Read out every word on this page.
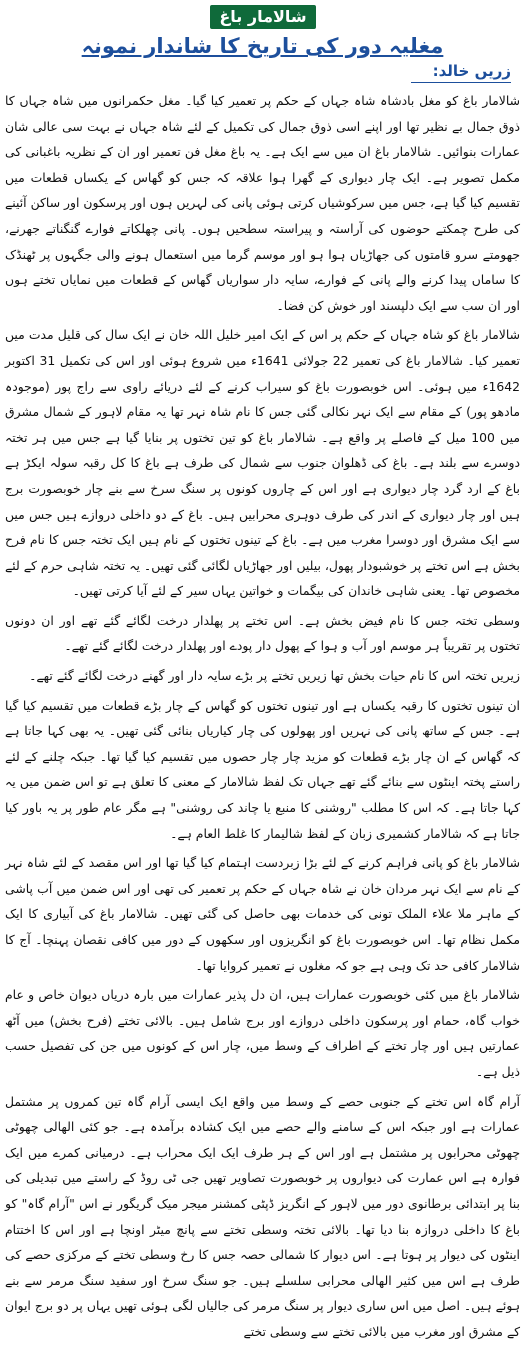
شالامار باغ
مغلیہ دور کی تاریخ کا شاندار نمونہ
زریں خالد:

شالامار باغ کو مغل بادشاہ شاہ جہاں کے حکم پر تعمیر کیا گیا۔ مغل حکمرانوں میں شاہ جہاں کا ذوق جمال بے نظیر تھا اور اپنے اسی ذوق جمال کی تکمیل کے لئے شاہ جہاں نے بہت سی عالی شان عمارات بنوائیں۔ شالامار باغ ان میں سے ایک ہے۔ یہ باغ مغل فن تعمیر اور ان کے نظریہ باغبانی کی مکمل تصویر ہے۔ ایک چار دیواری کے گھرا ہوا علاقہ کہ جس کو گھاس کے یکساں قطعات میں تقسیم کیا گیا ہے، جس میں سرکوشیاں کرتی ہوئی پانی کی لہریں ہوں اور پرسکون اور ساکن آئینے کی طرح چمکتے حوضوں کی آراستہ و پیراستہ سطحیں ہوں۔ پانی چھلکاتے فوارے گنگناتے جھرنے، جھومتے سرو قامتوں کی جھاڑیاں ہوا ہو اور موسم گرما میں استعمال ہونے والی جگہوں پر ٹھنڈک کا ساماں پیدا کرنے والے پانی کے فوارے، سایہ دار سواریاں گھاس کے قطعات میں نمایاں تختے ہوں اور ان سب سے ایک دلپسند اور خوش کن فضا۔

شالامار باغ کو شاہ جہاں کے حکم پر اس کے ایک امیر خلیل اللہ خان نے ایک سال کی قلیل مدت میں تعمیر کیا۔ شالامار باغ کی تعمیر 22 جولائی 1641ء میں شروع ہوئی اور اس کی تکمیل 31 اکتوبر 1642ء میں ہوئی۔ اس خوبصورت باغ کو سیراب کرنے کے لئے دریائے راوی سے راج پور (موجودہ مادھو پور) کے مقام سے ایک نہر نکالی گئی جس کا نام شاہ نہر تھا یہ مقام لاہور کے شمال مشرق میں 100 میل کے فاصلے پر واقع ہے۔ شالامار باغ کو تین تختوں پر بنایا گیا ہے جس میں ہر تختہ دوسرے سے بلند ہے۔ باغ کی ڈھلوان جنوب سے شمال کی طرف ہے باغ کا کل رقبہ سولہ ایکڑ ہے باغ کے ارد گرد چار دیواری ہے اور اس کے چاروں کونوں پر سنگ سرخ سے بنے چار خوبصورت برج ہیں اور چار دیواری کے اندر کی طرف دوہری محرابیں ہیں۔ باغ کے دو داخلی دروازے ہیں جس میں سے ایک مشرق اور دوسرا مغرب میں ہے۔ باغ کے تینوں تختوں کے نام ہیں ایک تختہ جس کا نام فرح بخش ہے اس تختے پر خوشبودار پھول، بیلیں اور جھاڑیاں لگائی گئی تھیں۔ یہ تختہ شاہی حرم کے لئے مخصوص تھا۔ یعنی شاہی خاندان کی بیگمات و خواتین یہاں سیر کے لئے آیا کرتی تھیں۔

وسطی تختہ جس کا نام فیض بخش ہے۔ اس تختے پر پھلدار درخت لگائے گئے تھے اور ان دونوں تختوں پر تقریباً ہر موسم اور آب و ہوا کے پھول دار پودے اور پھلدار درخت لگائے گئے تھے۔

زیریں تختہ اس کا نام حیات بخش تھا زیریں تختے پر بڑے سایہ دار اور گھنے درخت لگائے گئے تھے۔

ان تینوں تختوں کا رقبہ یکساں ہے اور تینوں تختوں کو گھاس کے چار بڑے قطعات میں تقسیم کیا گیا ہے۔ جس کے ساتھ پانی کی نہریں اور پھولوں کی چار کیاریاں بنائی گئی تھیں۔ یہ بھی کہا جاتا ہے کہ گھاس کے ان چار بڑے قطعات کو مزید چار چار حصوں میں تقسیم کیا گیا تھا۔ جبکہ چلنے کے لئے راستے پختہ اینٹوں سے بنائے گئے تھے جہاں تک لفظ شالامار کے معنی کا تعلق ہے تو اس ضمن میں یہ کہا جاتا ہے۔ کہ اس کا مطلب "روشنی کا منبع یا چاند کی روشنی" ہے مگر عام طور پر یہ باور کیا جاتا ہے کہ شالامار کشمیری زبان کے لفظ شالیمار کا غلط العام ہے۔

شالامار باغ کو پانی فراہم کرنے کے لئے بڑا زبردست اہتمام کیا گیا تھا اور اس مقصد کے لئے شاہ نہر کے نام سے ایک نہر مردان خان نے شاہ جہاں کے حکم پر تعمیر کی تھی اور اس ضمن میں آب پاشی کے ماہر ملا علاء الملک تونی کی خدمات بھی حاصل کی گئی تھیں۔ شالامار باغ کی آبیاری کا ایک مکمل نظام تھا۔ اس خوبصورت باغ کو انگریزوں اور سکھوں کے دور میں کافی نقصان پہنچا۔ آج کا شالامار کافی حد تک وہی ہے جو کہ مغلوں نے تعمیر کروایا تھا۔

شالامار باغ میں کئی خوبصورت عمارات ہیں، ان دل پذیر عمارات میں بارہ دریاں دیوان خاص و عام خواب گاہ، حمام اور پرسکون داخلی دروازے اور برج شامل ہیں۔ بالائی تختے (فرح بخش) میں آٹھ عمارتیں ہیں اور چار تختے کے اطراف کے وسط میں، چار اس کے کونوں میں جن کی تفصیل حسب ذیل ہے۔

آرام گاہ اس تختے کے جنوبی حصے کے وسط میں واقع ایک ایسی آرام گاہ تین کمروں پر مشتمل عمارات ہے اور جبکہ اس کے سامنے والے حصے میں ایک کشادہ برآمدہ ہے۔ جو کئی الھالی چھوٹی چھوٹی محرابوں پر مشتمل ہے اور اس کے ہر طرف ایک ایک محراب ہے۔ درمیانی کمرے میں ایک فوارہ ہے اس عمارت کی دیواروں پر خوبصورت تصاویر تھیں جی ٹی روڈ کے راستے میں تبدیلی کی بنا پر ابتدائی برطانوی دور میں لاہور کے انگریز ڈپٹی کمشنر میجر میک گریگور نے اس "آرام گاہ" کو باغ کا داخلی دروازہ بنا دیا تھا۔ بالائی تختہ وسطی تختے سے پانچ میٹر اونچا ہے اور اس کا اختتام اینٹوں کی دیوار پر ہوتا ہے۔ اس دیوار کا شمالی حصہ جس کا رخ وسطی تختے کے مرکزی حصے کی طرف ہے اس میں کثیر الھالی محرابی سلسلے ہیں۔ جو سنگ سرخ اور سفید سنگ مرمر سے بنے ہوئے ہیں۔ اصل میں اس ساری دیوار پر سنگ مرمر کی جالیاں لگی ہوئی تھیں یہاں پر دو برج ایوان کے مشرق اور مغرب میں بالائی تختے سے وسطی تختے
